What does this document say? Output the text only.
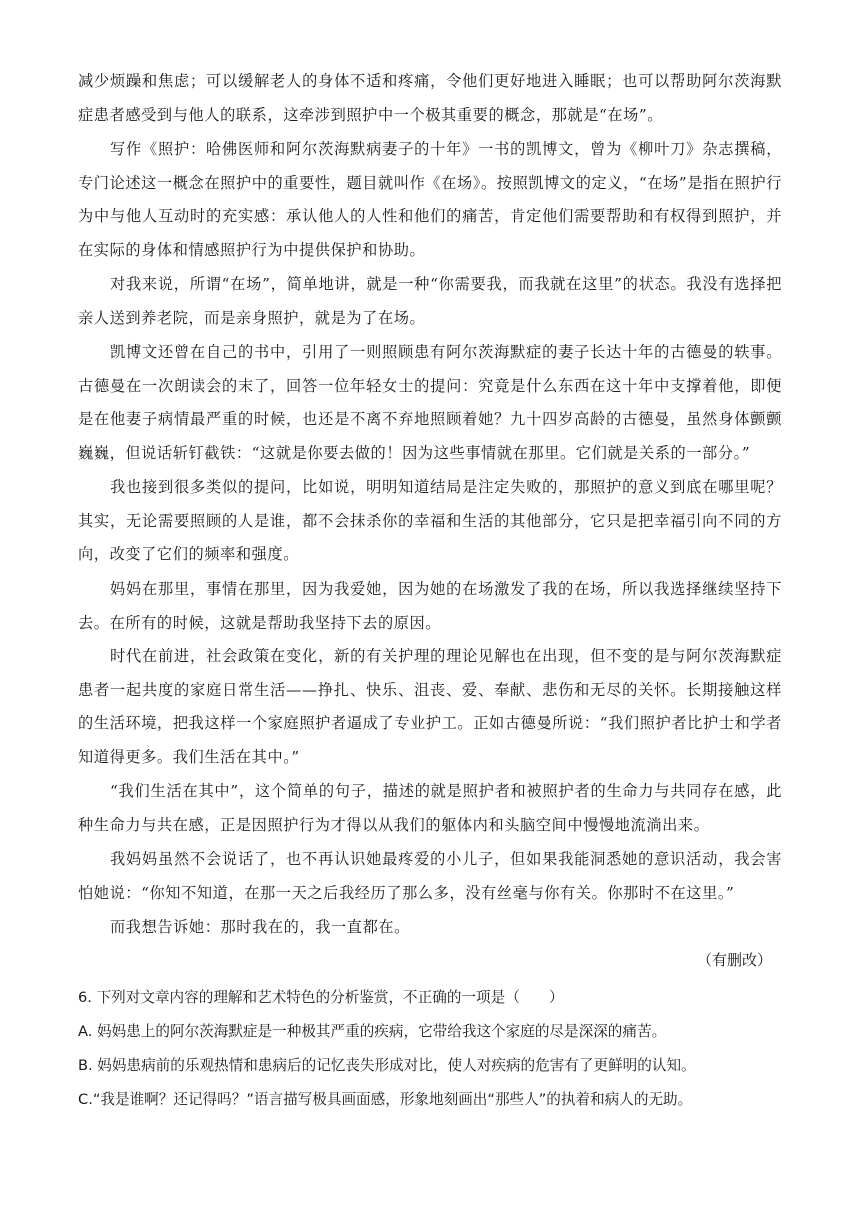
减少烦躁和焦虑；可以缓解老人的身体不适和疼痛，令他们更好地进入睡眠；也可以帮助阿尔茨海默症患者感受到与他人的联系，这牵涉到照护中一个极其重要的概念，那就是“在场”。

写作《照护：哈佛医师和阿尔茨海默病妻子的十年》一书的凯博文，曾为《柳叶刀》杂志撰稿，专门论述这一概念在照护中的重要性，题目就叫作《在场》。按照凯博文的定义，“在场”是指在照护行为中与他人互动时的充实感：承认他人的人性和他们的痛苦，肯定他们需要帮助和有权得到照护，并在实际的身体和情感照护行为中提供保护和协助。

对我来说，所谓“在场”，简单地讲，就是一种“你需要我，而我就在这里”的状态。我没有选择把亲人送到养老院，而是亲身照护，就是为了在场。

凯博文还曾在自己的书中，引用了一则照顾患有阿尔茨海默症的妻子长达十年的古德曼的轶事。古德曼在一次朗读会的末了，回答一位年轻女士的提问：究竟是什么东西在这十年中支撑着他，即便是在他妻子病情最严重的时候，也还是不离不弃地照顾着她？九十四岁高龄的古德曼，虽然身体颤颤巍巍，但说话斩钉截铁：“这就是你要去做的！因为这些事情就在那里。它们就是关系的一部分。”

我也接到很多类似的提问，比如说，明明知道结局是注定失败的，那照护的意义到底在哪里呢？其实，无论需要照顾的人是谁，都不会抹杀你的幸福和生活的其他部分，它只是把幸福引向不同的方向，改变了它们的频率和强度。

妈妈在那里，事情在那里，因为我爱她，因为她的在场激发了我的在场，所以我选择继续坚持下去。在所有的时候，这就是帮助我坚持下去的原因。

时代在前进，社会政策在变化，新的有关护理的理论见解也在出现，但不变的是与阿尔茨海默症患者一起共度的家庭日常生活——挣扎、快乐、沮丧、爱、奉献、悲伤和无尽的关怀。长期接触这样的生活环境，把我这样一个家庭照护者逼成了专业护工。正如古德曼所说：“我们照护者比护士和学者知道得更多。我们生活在其中。”

“我们生活在其中”，这个简单的句子，描述的就是照护者和被照护者的生命力与共同存在感，此种生命力与共在感，正是因照护行为才得以从我们的躯体内和头脑空间中慢慢地流淌出来。

我妈妈虽然不会说话了，也不再认识她最疼爱的小儿子，但如果我能洞悉她的意识活动，我会害怕她说：“你知不知道，在那一天之后我经历了那么多，没有丝毫与你有关。你那时不在这里。”

而我想告诉她：那时我在的，我一直都在。

（有删改）

6. 下列对文章内容的理解和艺术特色的分析鉴赏，不正确的一项是（　　）

A. 妈妈患上的阿尔茨海默症是一种极其严重的疾病，它带给我这个家庭的尽是深深的痛苦。

B. 妈妈患病前的乐观热情和患病后的记忆丧失形成对比，使人对疾病的危害有了更鲜明的认知。

C.“我是谁啊？还记得吗？”语言描写极具画面感，形象地刻画出“那些人”的执着和病人的无助。
